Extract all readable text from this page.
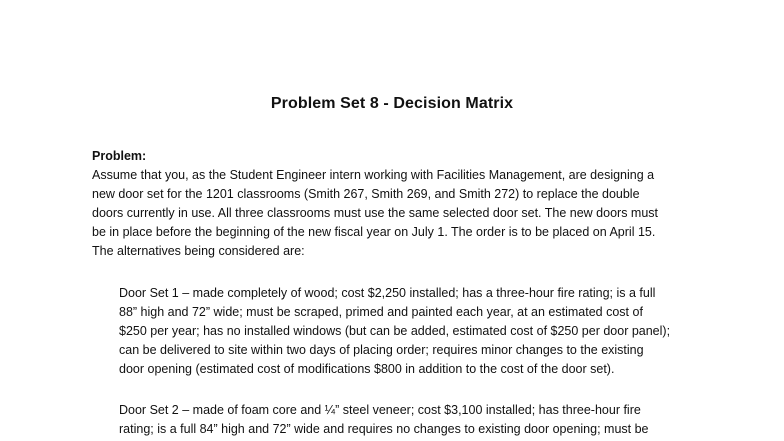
Problem Set 8 - Decision Matrix
Problem:
Assume that you, as the Student Engineer intern working with Facilities Management, are designing a
new door set for the 1201 classrooms (Smith 267, Smith 269, and Smith 272) to replace the double
doors currently in use. All three classrooms must use the same selected door set. The new doors must
be in place before the beginning of the new fiscal year on July 1. The order is to be placed on April 15.
The alternatives being considered are:
Door Set 1 – made completely of wood; cost $2,250 installed; has a three-hour fire rating; is a full
88” high and 72” wide; must be scraped, primed and painted each year, at an estimated cost of
$250 per year; has no installed windows (but can be added, estimated cost of $250 per door panel);
can be delivered to site within two days of placing order; requires minor changes to the existing
door opening (estimated cost of modifications $800 in addition to the cost of the door set).
Door Set 2 – made of foam core and ¼” steel veneer; cost $3,100 installed; has three-hour fire
rating; is a full 84” high and 72” wide and requires no changes to existing door opening; must be
